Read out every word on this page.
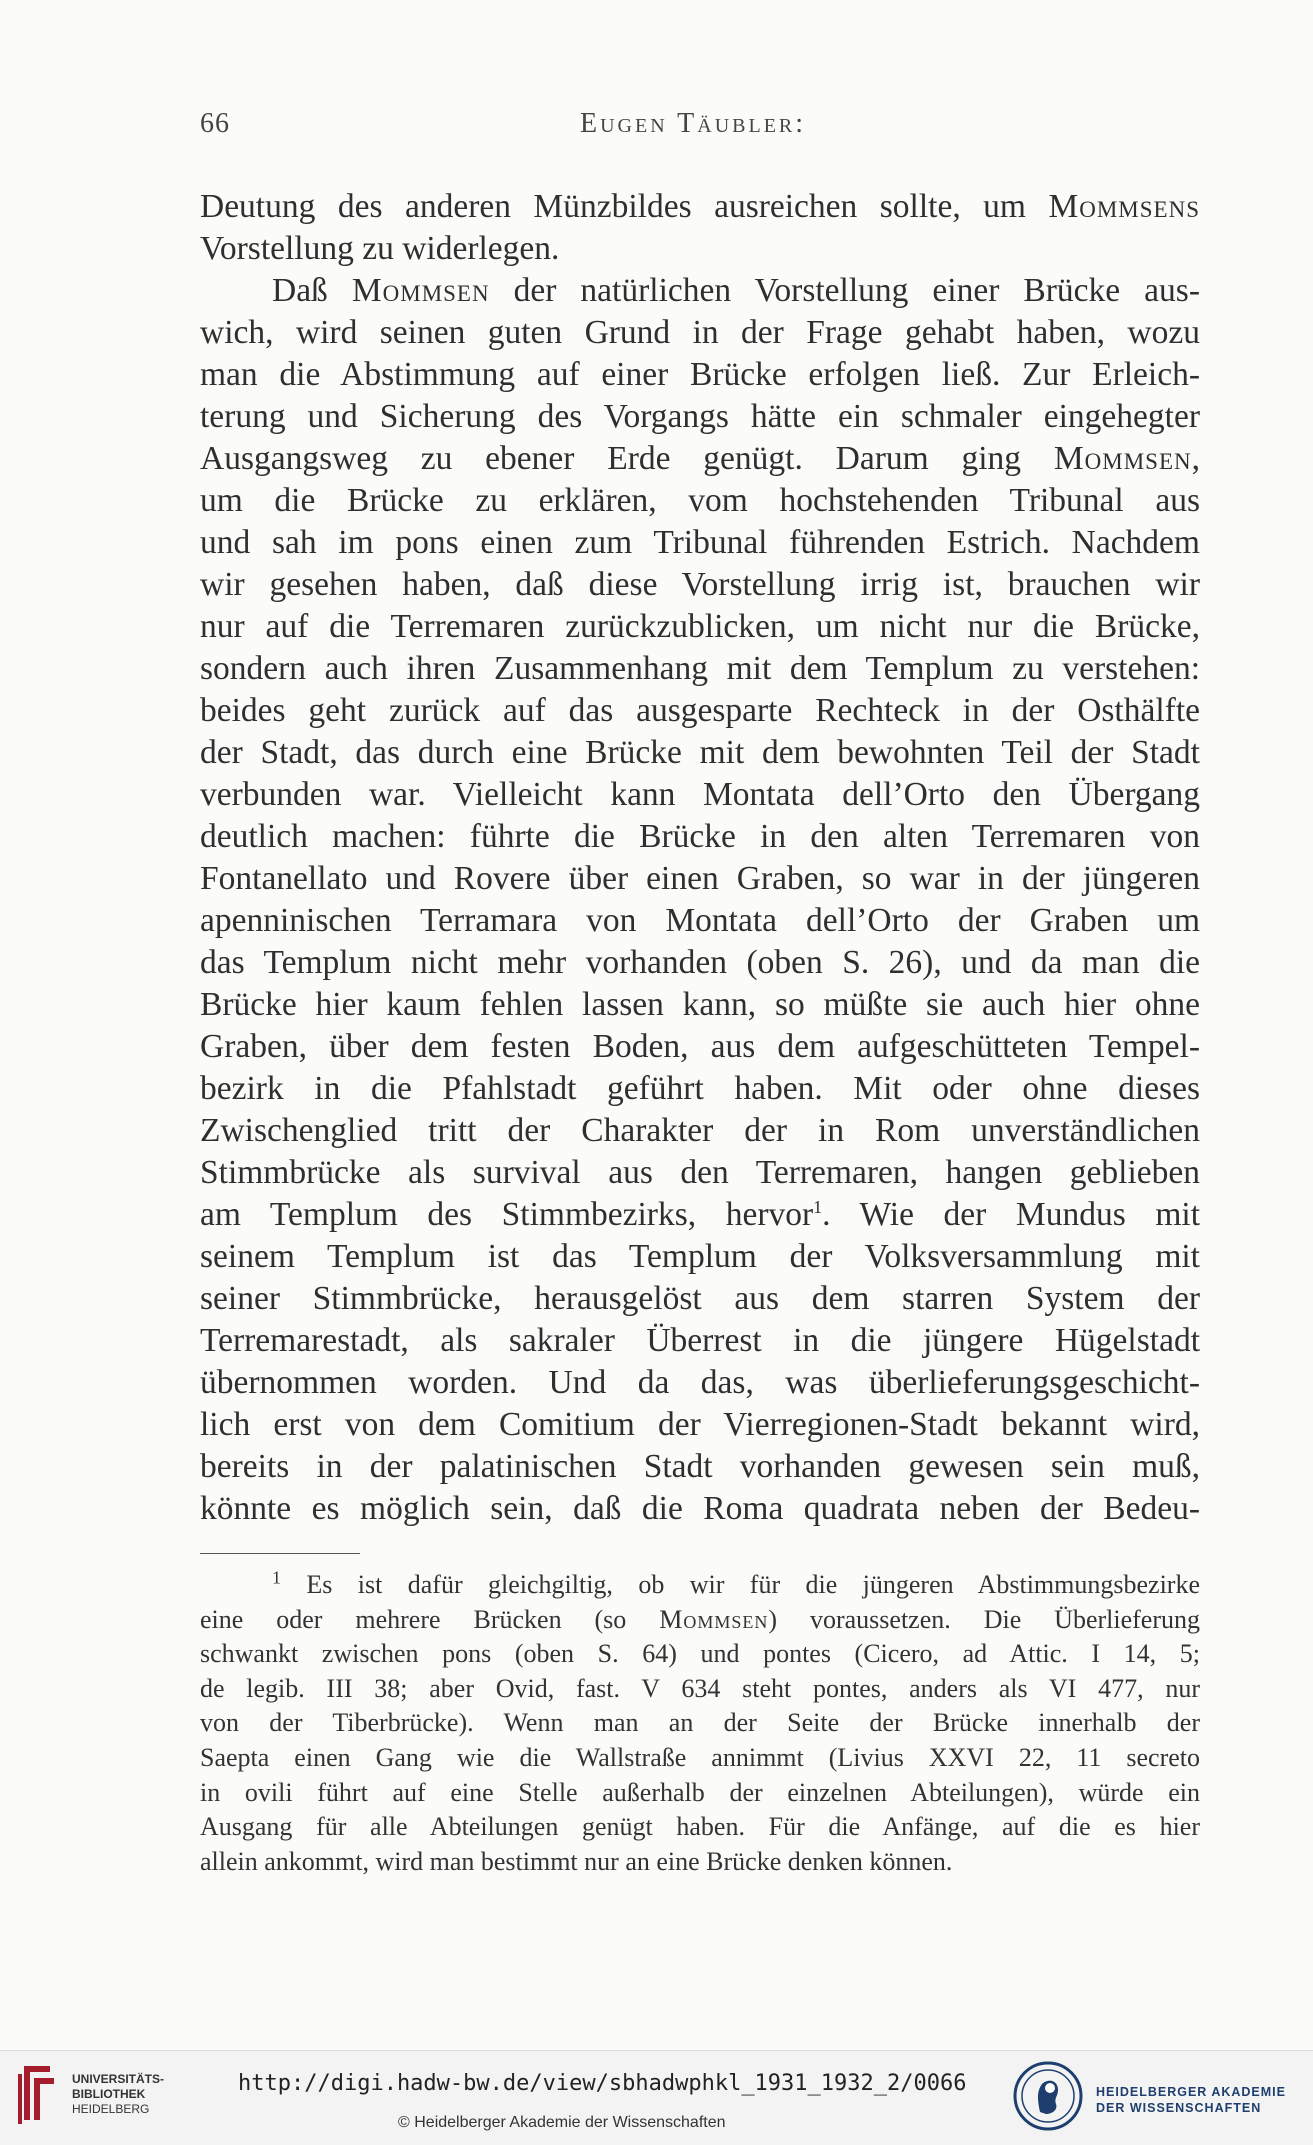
66	Eugen Täubler:
Deutung des anderen Münzbildes ausreichen sollte, um Mommsens
Vorstellung zu widerlegen.
Daß Mommsen der natürlichen Vorstellung einer Brücke aus-
wich, wird seinen guten Grund in der Frage gehabt haben, wozu
man die Abstimmung auf einer Brücke erfolgen ließ. Zur Erleich-
terung und Sicherung des Vorgangs hätte ein schmaler eingehegter
Ausgangsweg zu ebener Erde genügt. Darum ging Mommsen,
um die Brücke zu erklären, vom hochstehenden Tribunal aus
und sah im pons einen zum Tribunal führenden Estrich. Nachdem
wir gesehen haben, daß diese Vorstellung irrig ist, brauchen wir
nur auf die Terremaren zurückzublicken, um nicht nur die Brücke,
sondern auch ihren Zusammenhang mit dem Templum zu verstehen:
beides geht zurück auf das ausgesparte Rechteck in der Osthälfte
der Stadt, das durch eine Brücke mit dem bewohnten Teil der Stadt
verbunden war. Vielleicht kann Montata dell’Orto den Übergang
deutlich machen: führte die Brücke in den alten Terremaren von
Fontanellato und Rovere über einen Graben, so war in der jüngeren
apenninischen Terramara von Montata dell’Orto der Graben um
das Templum nicht mehr vorhanden (oben S. 26), und da man die
Brücke hier kaum fehlen lassen kann, so müßte sie auch hier ohne
Graben, über dem festen Boden, aus dem aufgeschütteten Tempel-
bezirk in die Pfahlstadt geführt haben. Mit oder ohne dieses
Zwischenglied tritt der Charakter der in Rom unverständlichen
Stimmbrücke als survival aus den Terremaren, hangen geblieben
am Templum des Stimmbezirks, hervor$^1$. Wie der Mundus mit
seinem Templum ist das Templum der Volksversammlung mit
seiner Stimmbrücke, herausgelöst aus dem starren System der
Terremarestadt, als sakraler Überrest in die jüngere Hügelstadt
übernommen worden. Und da das, was überlieferungsgeschicht-
lich erst von dem Comitium der Vierregionen-Stadt bekannt wird,
bereits in der palatinischen Stadt vorhanden gewesen sein muß,
könnte es möglich sein, daß die Roma quadrata neben der Bedeu-
$^1$ Es ist dafür gleichgiltig, ob wir für die jüngeren Abstimmungsbezirke
eine oder mehrere Brücken (so Mommsen) voraussetzen. Die Überlieferung
schwankt zwischen pons (oben S. 64) und pontes (Cicero, ad Attic. I 14, 5;
de legib. III 38; aber Ovid, fast. V 634 steht pontes, anders als VI 477, nur
von der Tiberbrücke). Wenn man an der Seite der Brücke innerhalb der
Saepta einen Gang wie die Wallstraße annimmt (Livius XXVI 22, 11 secreto
in ovili führt auf eine Stelle außerhalb der einzelnen Abteilungen), würde ein
Ausgang für alle Abteilungen genügt haben. Für die Anfänge, auf die es hier
allein ankommt, wird man bestimmt nur an eine Brücke denken können.
UNIVERSITÄTS-
BIBLIOTHEK
HEIDELBERG
http://digi.hadw-bw.de/view/sbhadwphkl_1931_1932_2/0066
© Heidelberger Akademie der Wissenschaften
HEIDELBERGER AKADEMIE
DER WISSENSCHAFTEN
